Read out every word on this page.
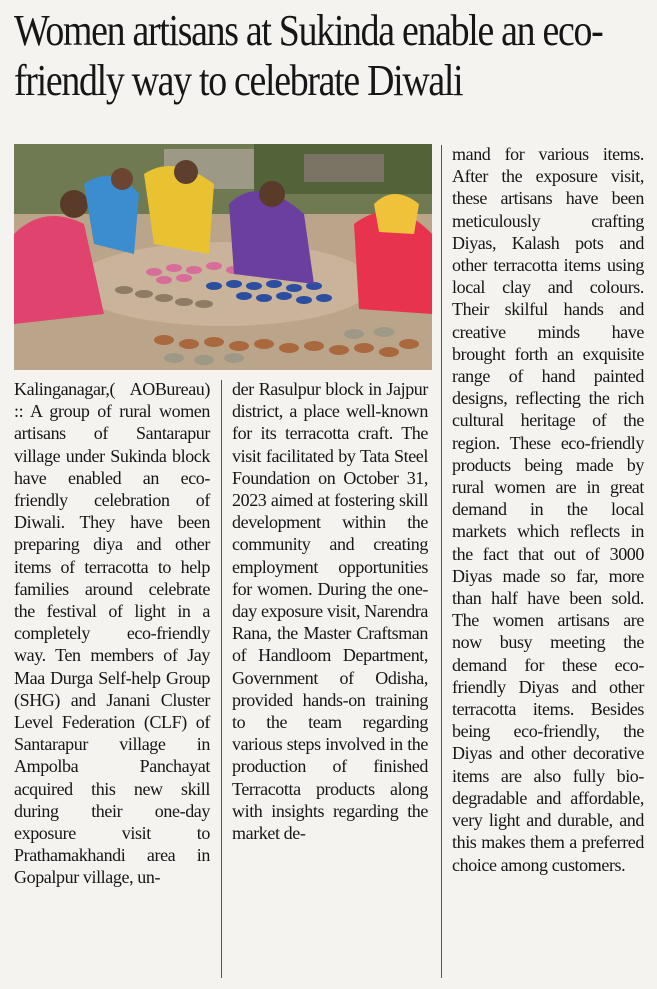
Women artisans at Sukinda enable an eco-friendly way to celebrate Diwali

Kalinganagar,( AOBureau) :: A group of rural women artisans of Santarapur village under Sukinda block have enabled an eco-friendly celebration of Diwali. They have been preparing diya and other items of terracotta to help families around celebrate the festival of light in a completely eco-friendly way. Ten members of Jay Maa Durga Self-help Group (SHG) and Janani Cluster Level Federation (CLF) of Santarapur village in Ampolba Panchayat acquired this new skill during their one-day exposure visit to Prathamakhandi area in Gopalpur village, un-

der Rasulpur block in Jajpur district, a place well-known for its terracotta craft. The visit facilitated by Tata Steel Foundation on October 31, 2023 aimed at fostering skill development within the community and creating employment opportunities for women. During the one-day exposure visit, Narendra Rana, the Master Craftsman of Handloom Department, Government of Odisha, provided hands-on training to the team regarding various steps involved in the production of finished Terracotta products along with insights regarding the market de-

mand for various items. After the exposure visit, these artisans have been meticulously crafting Diyas, Kalash pots and other terracotta items using local clay and colours. Their skilful hands and creative minds have brought forth an exquisite range of hand painted designs, reflecting the rich cultural heritage of the region. These eco-friendly products being made by rural women are in great demand in the local markets which reflects in the fact that out of 3000 Diyas made so far, more than half have been sold. The women artisans are now busy meeting the demand for these eco-friendly Diyas and other terracotta items. Besides being eco-friendly, the Diyas and other decorative items are also fully bio-degradable and affordable, very light and durable, and this makes them a preferred choice among customers.
